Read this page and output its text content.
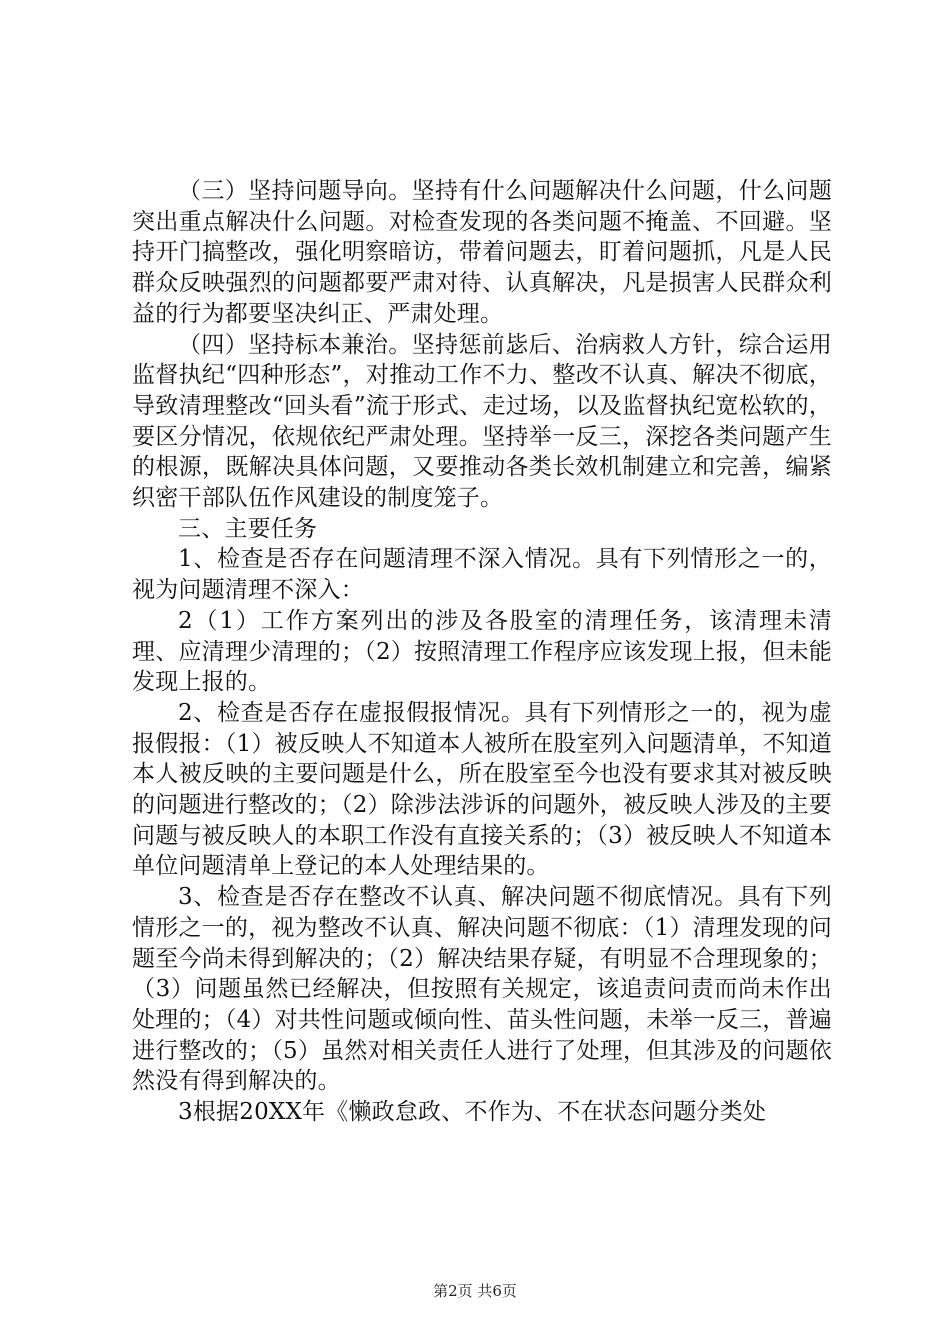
（三）坚持问题导向。坚持有什么问题解决什么问题，什么问题突出重点解决什么问题。对检查发现的各类问题不掩盖、不回避。坚持开门搞整改，强化明察暗访，带着问题去，盯着问题抓，凡是人民群众反映强烈的问题都要严肃对待、认真解决，凡是损害人民群众利益的行为都要坚决纠正、严肃处理。

（四）坚持标本兼治。坚持惩前毖后、治病救人方针，综合运用监督执纪“四种形态”，对推动工作不力、整改不认真、解决不彻底，导致清理整改“回头看”流于形式、走过场，以及监督执纪宽松软的，要区分情况，依规依纪严肃处理。坚持举一反三，深挖各类问题产生的根源，既解决具体问题，又要推动各类长效机制建立和完善，编紧织密干部队伍作风建设的制度笼子。

三、主要任务

1、检查是否存在问题清理不深入情况。具有下列情形之一的，视为问题清理不深入：

2（1）工作方案列出的涉及各股室的清理任务，该清理未清理、应清理少清理的；（2）按照清理工作程序应该发现上报，但未能发现上报的。

2、检查是否存在虚报假报情况。具有下列情形之一的，视为虚报假报：（1）被反映人不知道本人被所在股室列入问题清单，不知道本人被反映的主要问题是什么，所在股室至今也没有要求其对被反映的问题进行整改的；（2）除涉法涉诉的问题外，被反映人涉及的主要问题与被反映人的本职工作没有直接关系的；（3）被反映人不知道本单位问题清单上登记的本人处理结果的。

3、检查是否存在整改不认真、解决问题不彻底情况。具有下列情形之一的，视为整改不认真、解决问题不彻底：（1）清理发现的问题至今尚未得到解决的；（2）解决结果存疑，有明显不合理现象的；（3）问题虽然已经解决，但按照有关规定，该追责问责而尚未作出处理的；（4）对共性问题或倾向性、苗头性问题，未举一反三，普遍进行整改的；（5）虽然对相关责任人进行了处理，但其涉及的问题依然没有得到解决的。

3根据20XX年《懒政怠政、不作为、不在状态问题分类处

第2页 共6页
